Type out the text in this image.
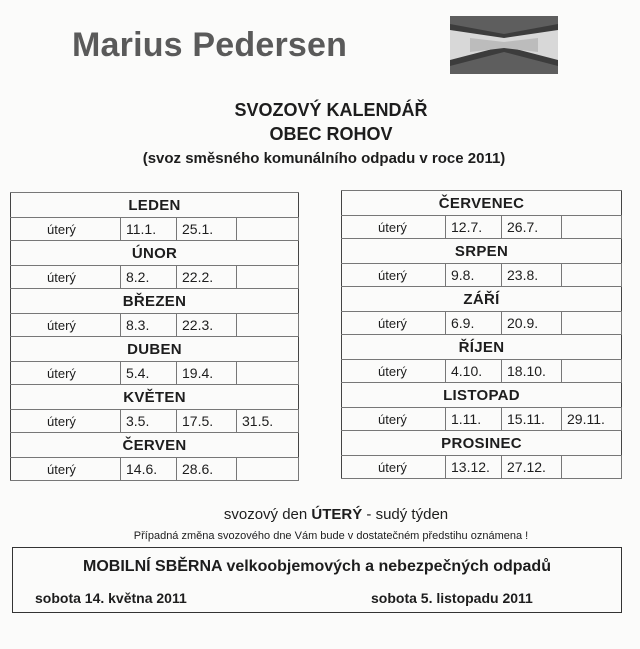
Marius Pedersen
SVOZOVÝ KALENDÁŘ
OBEC ROHOV
(svoz směsného komunálního odpadu v roce 2011)
LEDEN			
úterý	11.1.	25.1.	
ÚNOR			
úterý	8.2.	22.2.	
BŘEZEN			
úterý	8.3.	22.3.	
DUBEN			
úterý	5.4.	19.4.	
KVĚTEN			
úterý	3.5.	17.5.	31.5.
ČERVEN			
úterý	14.6.	28.6.	
ČERVENEC			
úterý	12.7.	26.7.	
SRPEN			
úterý	9.8.	23.8.	
ZÁŘÍ			
úterý	6.9.	20.9.	
ŘÍJEN			
úterý	4.10.	18.10.	
LISTOPAD			
úterý	1.11.	15.11.	29.11.
PROSINEC			
úterý	13.12.	27.12.	
svozový den ÚTERÝ - sudý týden
Případná změna svozového dne Vám bude v dostatečném předstihu oznámena !
MOBILNÍ SBĚRNA velkoobjemových a nebezpečných odpadů
sobota 14. května 2011	sobota 5. listopadu 2011
